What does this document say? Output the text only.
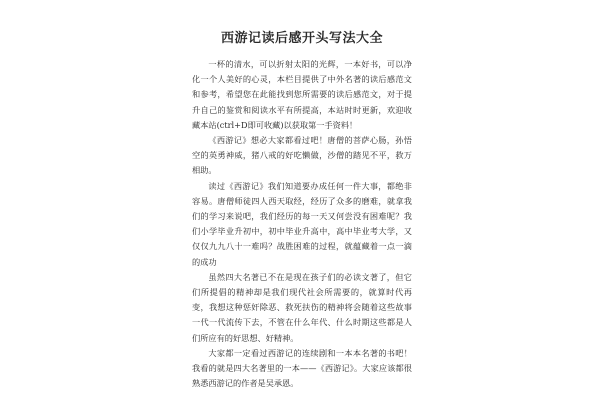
西游记读后感开头写法大全

一杯的清水，可以折射太阳的光辉，一本好书，可以净化一个人美好的心灵，本栏目提供了中外名著的读后感范文和参考，希望您在此能找到您所需要的读后感范文，对于提升自己的鉴赏和阅读水平有所提高，本站时时更新，欢迎收藏本站(ctrl+D即可收藏)以获取第一手资料！

《西游记》想必大家都看过吧！唐僧的菩萨心肠，孙悟空的英勇神威，猪八戒的好吃懒做，沙僧的踏见不平，救万相助。

读过《西游记》我们知道要办成任何一件大事，都绝非容易。唐僧师徒四人西天取经，经历了众多的磨难，就拿我们的学习来说吧，我们经历的每一天又何尝没有困难呢？我们小学毕业升初中，初中毕业升高中，高中毕业考大学，又仅仅九九八十一难吗？战胜困难的过程，就蕴藏着一点一滴的成功

虽然四大名著已不在是现在孩子们的必读文著了，但它们所提倡的精神却是我们现代社会所需要的，就算时代再变，我想这种惩奸除恶、救死扶伤的精神将会随着这些故事一代一代流传下去，不管在什么年代、什么时期这些都是人们所应有的好思想、好精神。

大家都一定看过西游记的连续剧和一本本名著的书吧！我看的就是四大名著里的一本——《西游记》。大家应该都很熟悉西游记的作者是吴承恩。
